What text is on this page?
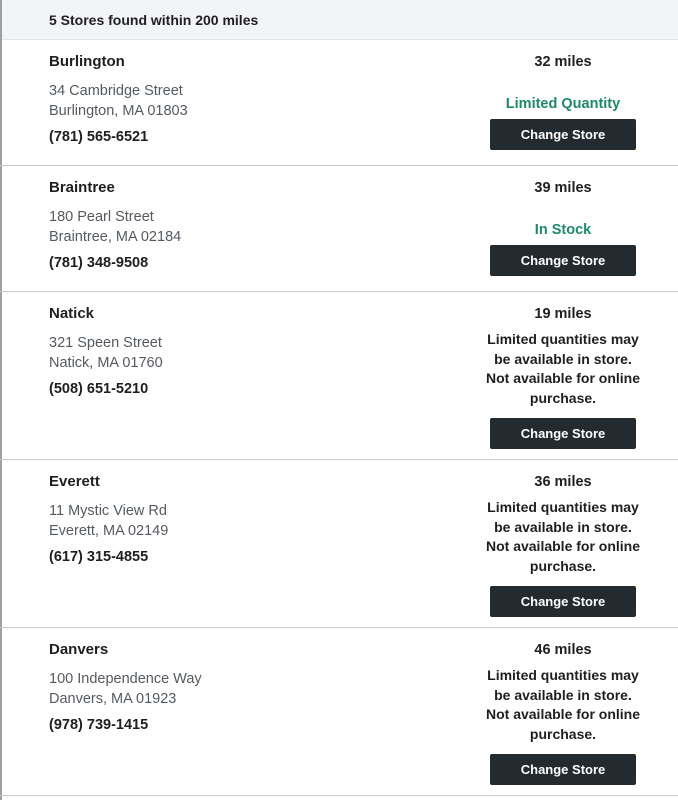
5 Stores found within 200 miles
Burlington
34 Cambridge Street
Burlington, MA 01803
(781) 565-6521
32 miles
Limited Quantity
Change Store
Braintree
180 Pearl Street
Braintree, MA 02184
(781) 348-9508
39 miles
In Stock
Change Store
Natick
321 Speen Street
Natick, MA 01760
(508) 651-5210
19 miles
Limited quantities may be available in store. Not available for online purchase.
Change Store
Everett
11 Mystic View Rd
Everett, MA 02149
(617) 315-4855
36 miles
Limited quantities may be available in store. Not available for online purchase.
Change Store
Danvers
100 Independence Way
Danvers, MA 01923
(978) 739-1415
46 miles
Limited quantities may be available in store. Not available for online purchase.
Change Store
